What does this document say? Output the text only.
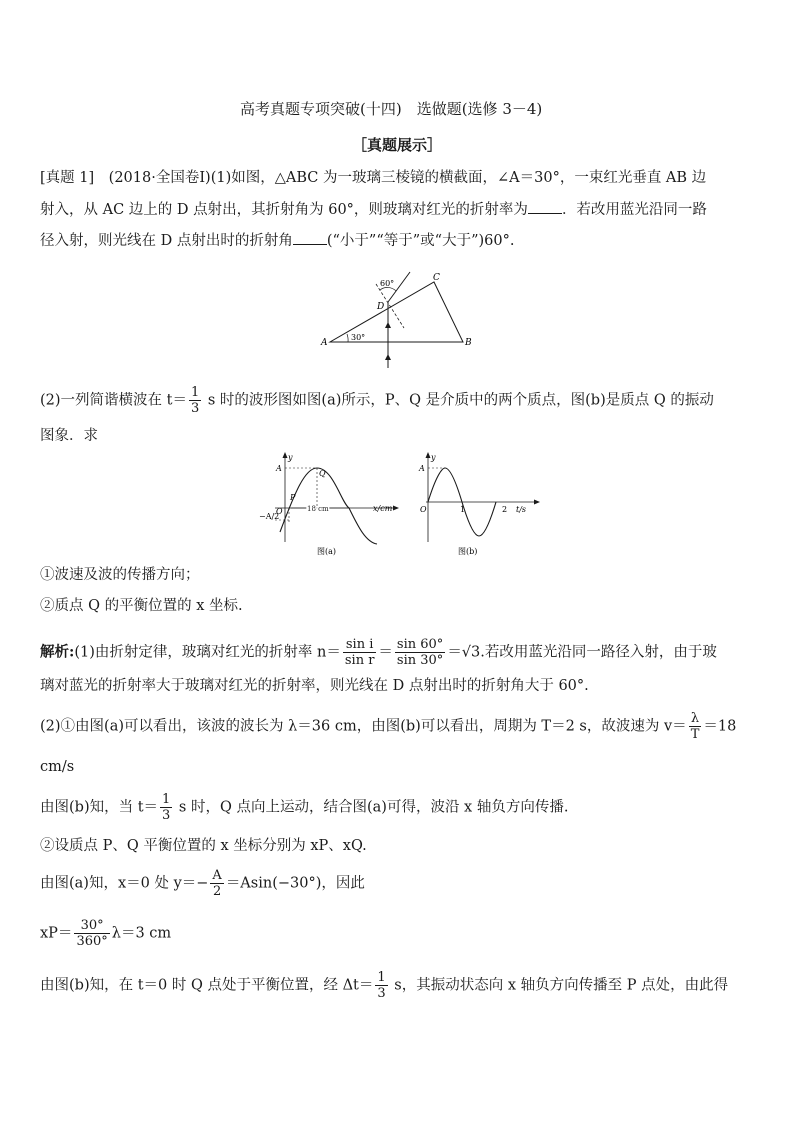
高考真题专项突破(十四)　选做题(选修 3－4)
［真题展示］
[真题 1]　 (2018·全国卷Ⅰ)(1)如图，△ABC 为一玻璃三棱镜的横截面，∠A＝30°，一束红光垂直 AB 边
射入，从 AC 边上的 D 点射出，其折射角为 60°，则玻璃对红光的折射率为 ．若改用蓝光沿同一路
径入射，则光线在 D 点射出时的折射角 (“小于”“等于”或“大于”)60°.
A	B
C
D
30°
60°
(2)一列简谐横波在 $t= \frac{1}{3}$ s 时的波形图如图(a)所示，P、Q 是介质中的两个质点，图(b)是质点 Q 的振动
图象．求
y
A
−A/2
O
P
Q
18 cm	x/cm
图(a)
y
A
O	1	2 t/s
图(b)
①波速及波的传播方向；
②质点 Q 的平衡位置的 x 坐标.
解析:(1)由折射定律，玻璃对红光的折射率 $n= \frac{\text{sin i}}{\text{sin r}} = \frac{\sin 60^\circ}{\sin 30^\circ} =√3$.若改用蓝光沿同一路径入射，由于玻
璃对蓝光的折射率大于玻璃对红光的折射率，则光线在 D 点射出时的折射角大于 60°.
(2)①由图(a)可以看出，该波的波长为 λ＝36 cm，由图(b)可以看出，周期为 T＝2 s，故波速为 $v= \frac{\lambda}{T} =18$
cm/s
由图(b)知，当 $t= \frac{1}{3}$ s 时，Q 点向上运动，结合图(a)可得，波沿 x 轴负方向传播.
②设质点 P、Q 平衡位置的 x 坐标分别为 xP、xQ.
由图(a)知，x＝0 处 $y=- \frac{A}{2} =Asin(-30^\circ)$，因此
$xP= \frac{30^\circ}{360^\circ} \lambda=3$ cm
由图(b)知，在 t＝0 时 Q 点处于平衡位置，经 $\Delta t= \frac{1}{3}$ s，其振动状态向 x 轴负方向传播至 P 点处，由此得
